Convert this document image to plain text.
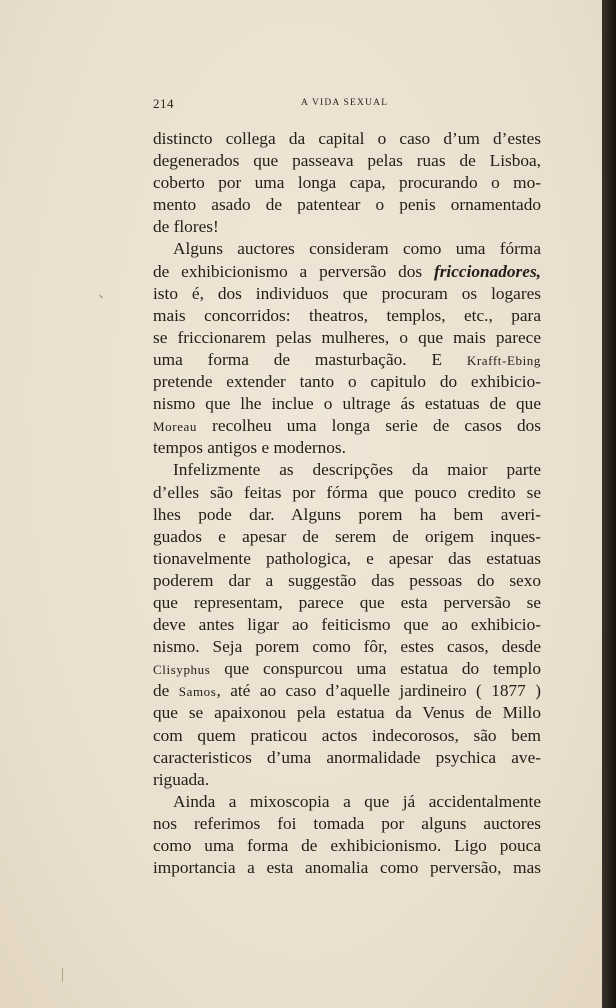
214	A VIDA SEXUAL
distincto collega da capital o caso d’um d’estes
degenerados que passeava pelas ruas de Lisboa,
coberto por uma longa capa, procurando o mo-
mento asado de patentear o penis ornamentado
de flores!
Alguns auctores consideram como uma fórma
de exhibicionismo a perversão dos friccionadores,
isto é, dos individuos que procuram os logares
mais concorridos: theatros, templos, etc., para
se friccionarem pelas mulheres, o que mais parece
uma forma de masturbação. E Krafft-Ebing
pretende extender tanto o capitulo do exhibicio-
nismo que lhe inclue o ultrage ás estatuas de que
Moreau recolheu uma longa serie de casos dos
tempos antigos e modernos.
Infelizmente as descripções da maior parte
d’elles são feitas por fórma que pouco credito se
lhes pode dar. Alguns porem ha bem averi-
guados e apesar de serem de origem inques-
tionavelmente pathologica, e apesar das estatuas
poderem dar a suggestão das pessoas do sexo
que representam, parece que esta perversão se
deve antes ligar ao feiticismo que ao exhibicio-
nismo. Seja porem como fôr, estes casos, desde
Clisyphus que conspurcou uma estatua do templo
de Samos, até ao caso d’aquelle jardineiro ( 1877 )
que se apaixonou pela estatua da Venus de Millo
com quem praticou actos indecorosos, são bem
caracteristicos d’uma anormalidade psychica ave-
riguada.
Ainda a mixoscopia a que já accidentalmente
nos referimos foi tomada por alguns auctores
como uma forma de exhibicionismo. Ligo pouca
importancia a esta anomalia como perversão, mas
